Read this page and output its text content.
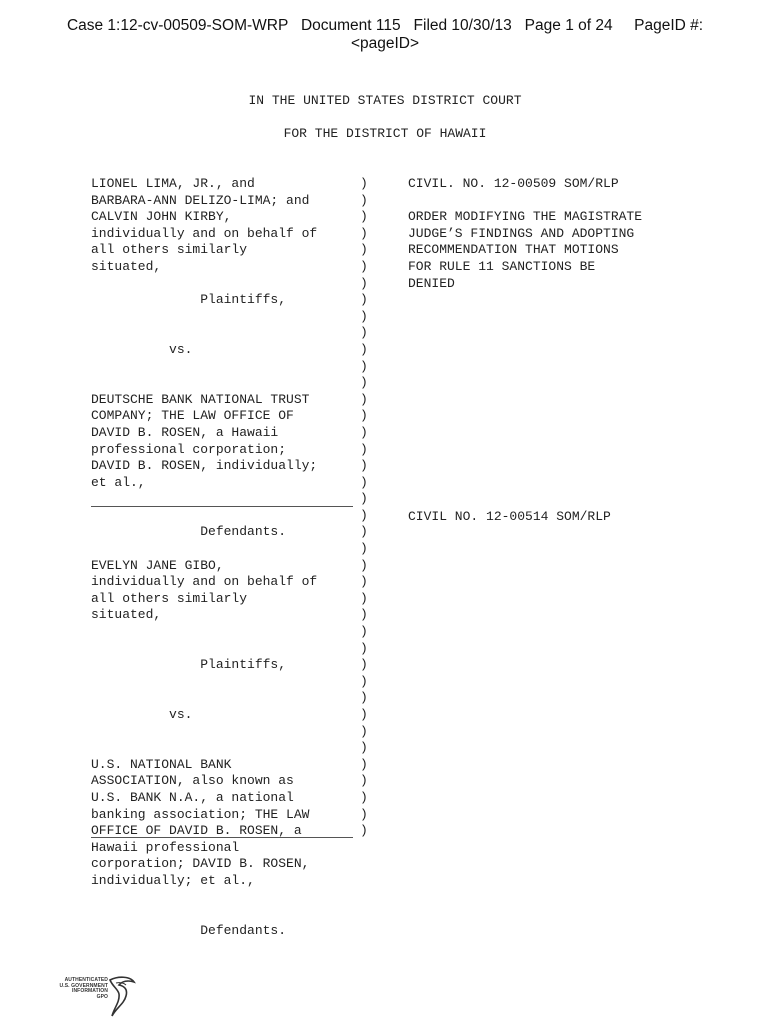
Case 1:12-cv-00509-SOM-WRP   Document 115   Filed 10/30/13   Page 1 of 24     PageID #:
<pageID>
IN THE UNITED STATES DISTRICT COURT
FOR THE DISTRICT OF HAWAII
LIONEL LIMA, JR., and
BARBARA-ANN DELIZO-LIMA; and
CALVIN JOHN KIRBY,
individually and on behalf of
all others similarly
situated,

Plaintiffs,

vs.

DEUTSCHE BANK NATIONAL TRUST
COMPANY; THE LAW OFFICE OF
DAVID B. ROSEN, a Hawaii
professional corporation;
DAVID B. ROSEN, individually;
et al.,

Defendants.

EVELYN JANE GIBO,
individually and on behalf of
all others similarly
situated,

Plaintiffs,

vs.

U.S. NATIONAL BANK
ASSOCIATION, also known as
U.S. BANK N.A., a national
banking association; THE LAW
OFFICE OF DAVID B. ROSEN, a
Hawaii professional
corporation; DAVID B. ROSEN,
individually; et al.,

Defendants.
)
)
)
)
)
)
)
)
)
)
)
)
)
)
)
)
)
)
)
)
)
)
)
)
)
)
)
)
)
)
)
)
)
)
)
)
)
)
)
)
CIVIL. NO. 12-00509 SOM/RLP

ORDER MODIFYING THE MAGISTRATE
JUDGE’S FINDINGS AND ADOPTING
RECOMMENDATION THAT MOTIONS
FOR RULE 11 SANCTIONS BE
DENIED
CIVIL NO. 12-00514 SOM/RLP
AUTHENTICATED
U.S. GOVERNMENT
INFORMATION
GPO
